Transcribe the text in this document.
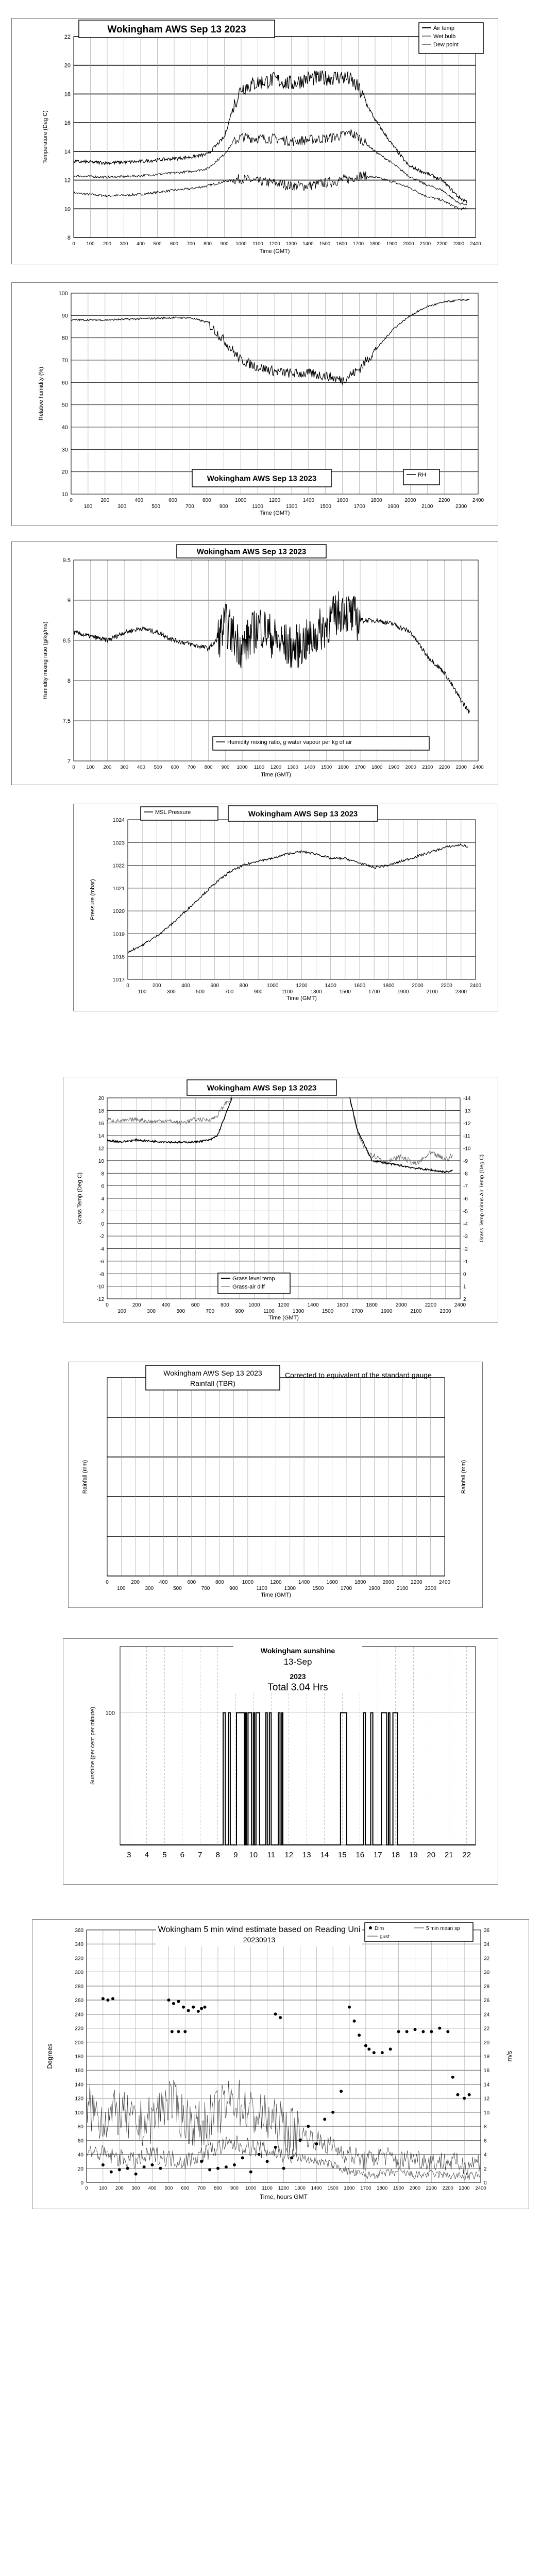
8
10
12
14
16
18
20
22
0 100 200 300 400 500 600 700 800 900 1000 1100 1200 1300 1400 1500 1600 1700 1800 1900 2000 2100 2200 2300 2400
Time (GMT)
Temperature (Deg C)
Wokingham AWS Sep 13 2023	Air temp
Wet bulb
Dew point
10
20
30
40
50
60
70
80
90
100
0	200	400	600	800	1000	1200	1400	1600	1800	2000	2200	2400
100	300	500	700	900	1100	1300	1500	1700	1900	2100	2300
Time (GMT)
Relative humidity (%)
Wokingham AWS Sep 13 2023	RH
7
7.5
8
8.5
9
9.5
0 100 200 300 400 500 600 700 800 900 1000 1100 1200 1300 1400 1500 1600 1700 1800 1900 2000 2100 2200 2300 2400
Time (GMT)
Humidity mixing ratio (g/kg/ms)
Wokingham AWS Sep 13 2023
Humidity mixing ratio, g water vapour per kg of air
1017
1018
1019
1020
1021
1022
1023
1024
0	200	400	600	800	1000	1200	1400	1600	1800	2000	2200	2400
100	300	500	700	900	1100	1300	1500	1700	1900	2100	2300
Time (GMT)
Pressure (mbar)
MSL Pressure	Wokingham AWS Sep 13 2023
-12
-10
-8
-6
-4
-2
0
2
4
6
8
10
12
14
16
18
20
2
1
0
-1
-2
-3
-4
-5
-6
-7
-8
-9
-10
-11
-12
-13
-14
0	200	400	600	800	1000	1200	1400	1600	1800	2000	2200	2400
100	300	500	700	900	1100	1300	1500	1700	1900	2100	2300
Time (GMT)
Grass Temp (Deg C)	Grass Temp minus Air Temp (Deg C)
Wokingham AWS Sep 13 2023
Grass level temp
Grass-air diff
0	200	400	600	800	1000	1200	1400	1600	1800	2000	2200	2400
100	300	500	700	900	1100	1300	1500	1700	1900	2100	2300
Time (GMT)
Rainfall (mm)	Rainfall (mm)
Wokingham AWS Sep 13 2023
Rainfall (TBR)
Corrected to equivalent of the standard gauge
100
3 4 5 6 7 8 9 10 11 12 13 14 15 16 17 18 19 20 21 22
Sunshine (per cent per minute)
Wokingham sunshine
13-Sep
2023
Total 3.04 Hrs
0
20
40
60
80
100
120
140
160
180
200
220
240
260
280
300
320
340
360
0
2
4
6
8
10
12
14
16
18
20
22
24
26
28
30
32
34
36
0 100 200 300 400 500 600 700 800 900 1000 1100 1200 1300 1400 1500 1600 1700 1800 1900 2000 2100 2200 2300 2400
Time, hours GMT
Degrees	m/s
Wokingham 5 min wind estimate based on Reading Uni
20230913
Dirn	5 min mean sp
gust
